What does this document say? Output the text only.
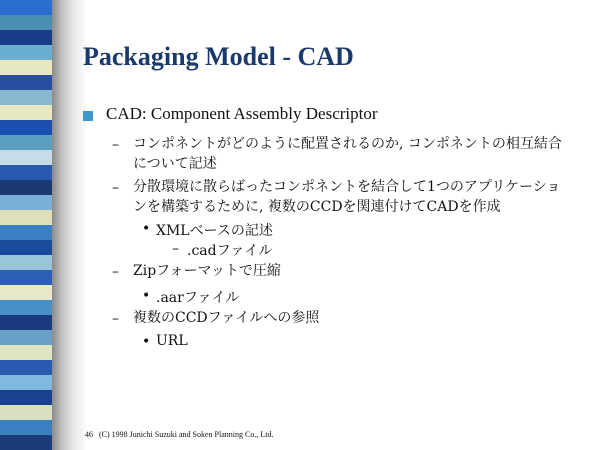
Packaging Model - CAD
CAD: Component Assembly Descriptor
– コンポネントがどのように配置されるのか, コンポネントの相互結合について記述
– 分散環境に散らばったコンポネントを結合して1つのアプリケーションを構築するために, 複数のCCDを関連付けてCADを作成
• XMLベースの記述
– .cadファイル
– Zipフォーマットで圧縮
• .aarファイル
– 複数のCCDファイルへの参照
• URL
46 (C) 1998 Junichi Suzuki and Soken Planning Co., Ltd.
